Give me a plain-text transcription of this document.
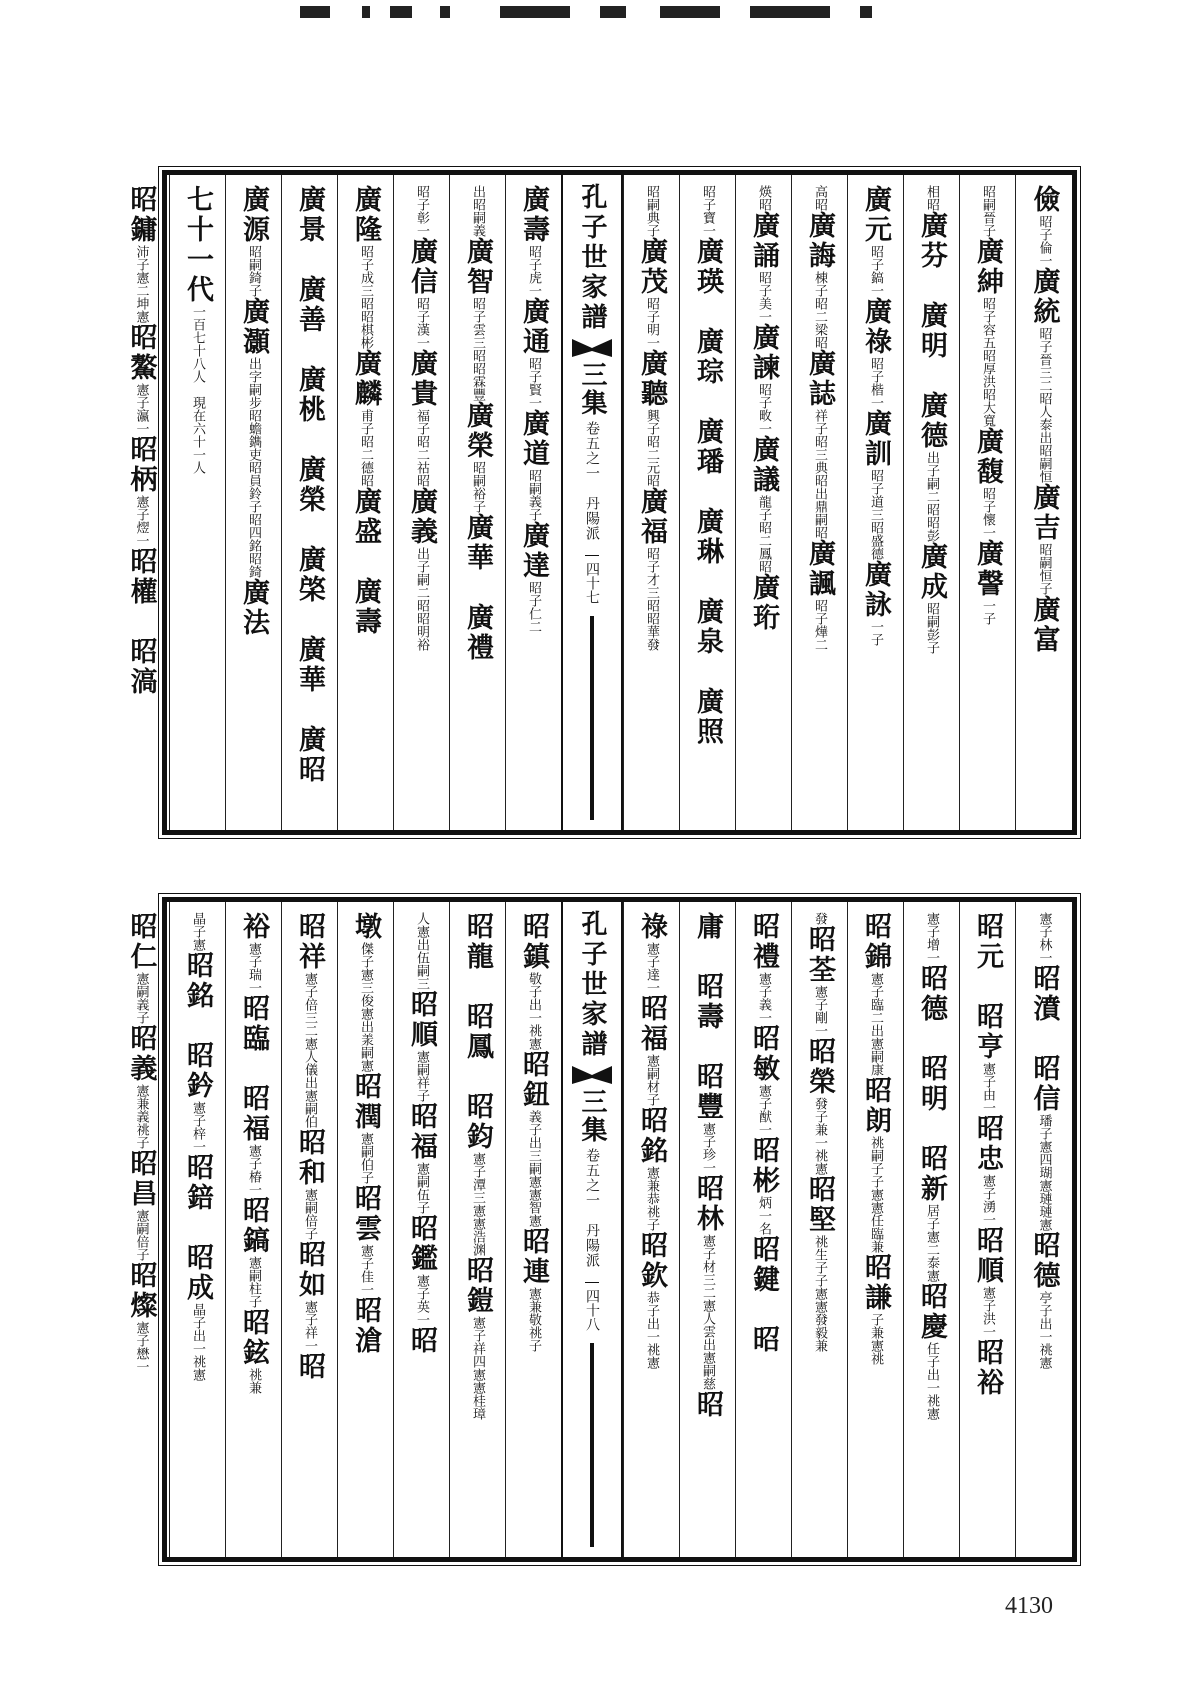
儉昭子倫一廣統昭子晉三二昭人泰出昭嗣恒廣吉昭嗣恒子廣富
昭嗣晉子廣紳昭子容五昭厚洪昭大寬廣馥昭子懷一廣謦一子
相昭廣芬　廣明　廣德出子嗣二昭昭彭廣成昭嗣彭子
廣元昭子鎬一廣祿昭子楷一廣訓昭子道三昭盛德廣詠一子
高昭廣誨棟子昭二梁昭廣誌祥子昭三典昭出鼎嗣昭廣諷昭子燁二
煐昭廣誦昭子美一廣諫昭子畋一廣議龍子昭二鳳昭廣珩
昭子寶一廣瑛　廣琮　廣璠　廣琳　廣泉　廣照
昭嗣典子廣茂昭子明一廣聽興子昭二元昭廣福昭子才三昭昭華發
孔子世家譜
三集
卷五之一　丹陽派
四十七
廣壽昭子虎一廣通昭子賢一廣道昭嗣義子廣達昭子仁二
出昭嗣義廣智昭子雲三昭昭霖豐廣榮昭嗣裕子廣華　廣禮
昭子彰一廣信昭子漢一廣貴福子昭二祜昭廣義出子嗣二昭昭明裕
廣隆昭子成三昭昭棋彬廣麟甫子昭二德昭廣盛　廣壽
廣景　廣善　廣桃　廣榮　廣棨　廣華　廣昭
廣源昭嗣錡子廣灝出字嗣步昭蟾鐫吏昭員鈴子昭四銘昭錡廣法
七十一代一百七十八人　現在六十一人
昭鏞沛子憲二坤憲昭鰲憲子瀛一昭柄憲子熤一昭權　昭滈
憲子林一昭濆　昭信璠子憲四瑚憲璉璉憲昭德亭子出一祧憲
昭元　昭亨憲子由一昭忠憲子湧一昭順憲子洪一昭裕
憲子增一昭德　昭明　昭新居子憲二泰憲昭慶任子出一祧憲
昭錦憲子臨二出憲嗣康昭朗祧嗣子子憲憲任臨兼昭謙子兼憲祧
發昭荃憲子剛一昭榮發子兼一祧憲昭堅祧生子子憲憲發毅兼
昭禮憲子義一昭敏憲子猷一昭彬炳一名昭鍵　昭
庸　昭壽　昭豐憲子珍一昭林憲子材三二憲人雲出憲嗣慈昭
祿憲子達一昭福憲嗣材子昭銘憲兼恭祧子昭欽恭子出一祧憲
孔子世家譜
三集
卷五之一　丹陽派
四十八
昭鎮敬子出一祧憲昭鈕義子出三嗣憲憲智憲昭連憲兼敬祧子
昭龍　昭鳳　昭鈞憲子潭三憲憲浩渊昭鎧憲子祥四憲憲桂璋
人憲出伍嗣三昭順憲嗣祥子昭福憲嗣伍子昭鑑憲子英一昭
墩傑子憲三俊憲出羕嗣憲昭潤憲嗣伯子昭雲憲子佳一昭滄
昭祥憲子倍三二憲人儀出憲嗣伯昭和憲嗣倍子昭如憲子祥一昭
裕憲子瑞一昭臨　昭福憲子椿一昭鎬憲嗣柱子昭鉉祧兼
晶子憲昭銘　昭鈐憲子梓一昭錇　昭成晶子出一祧憲
昭仁憲嗣義子昭義憲兼義祧子昭昌憲嗣倍子昭燦憲子懋一
4130
